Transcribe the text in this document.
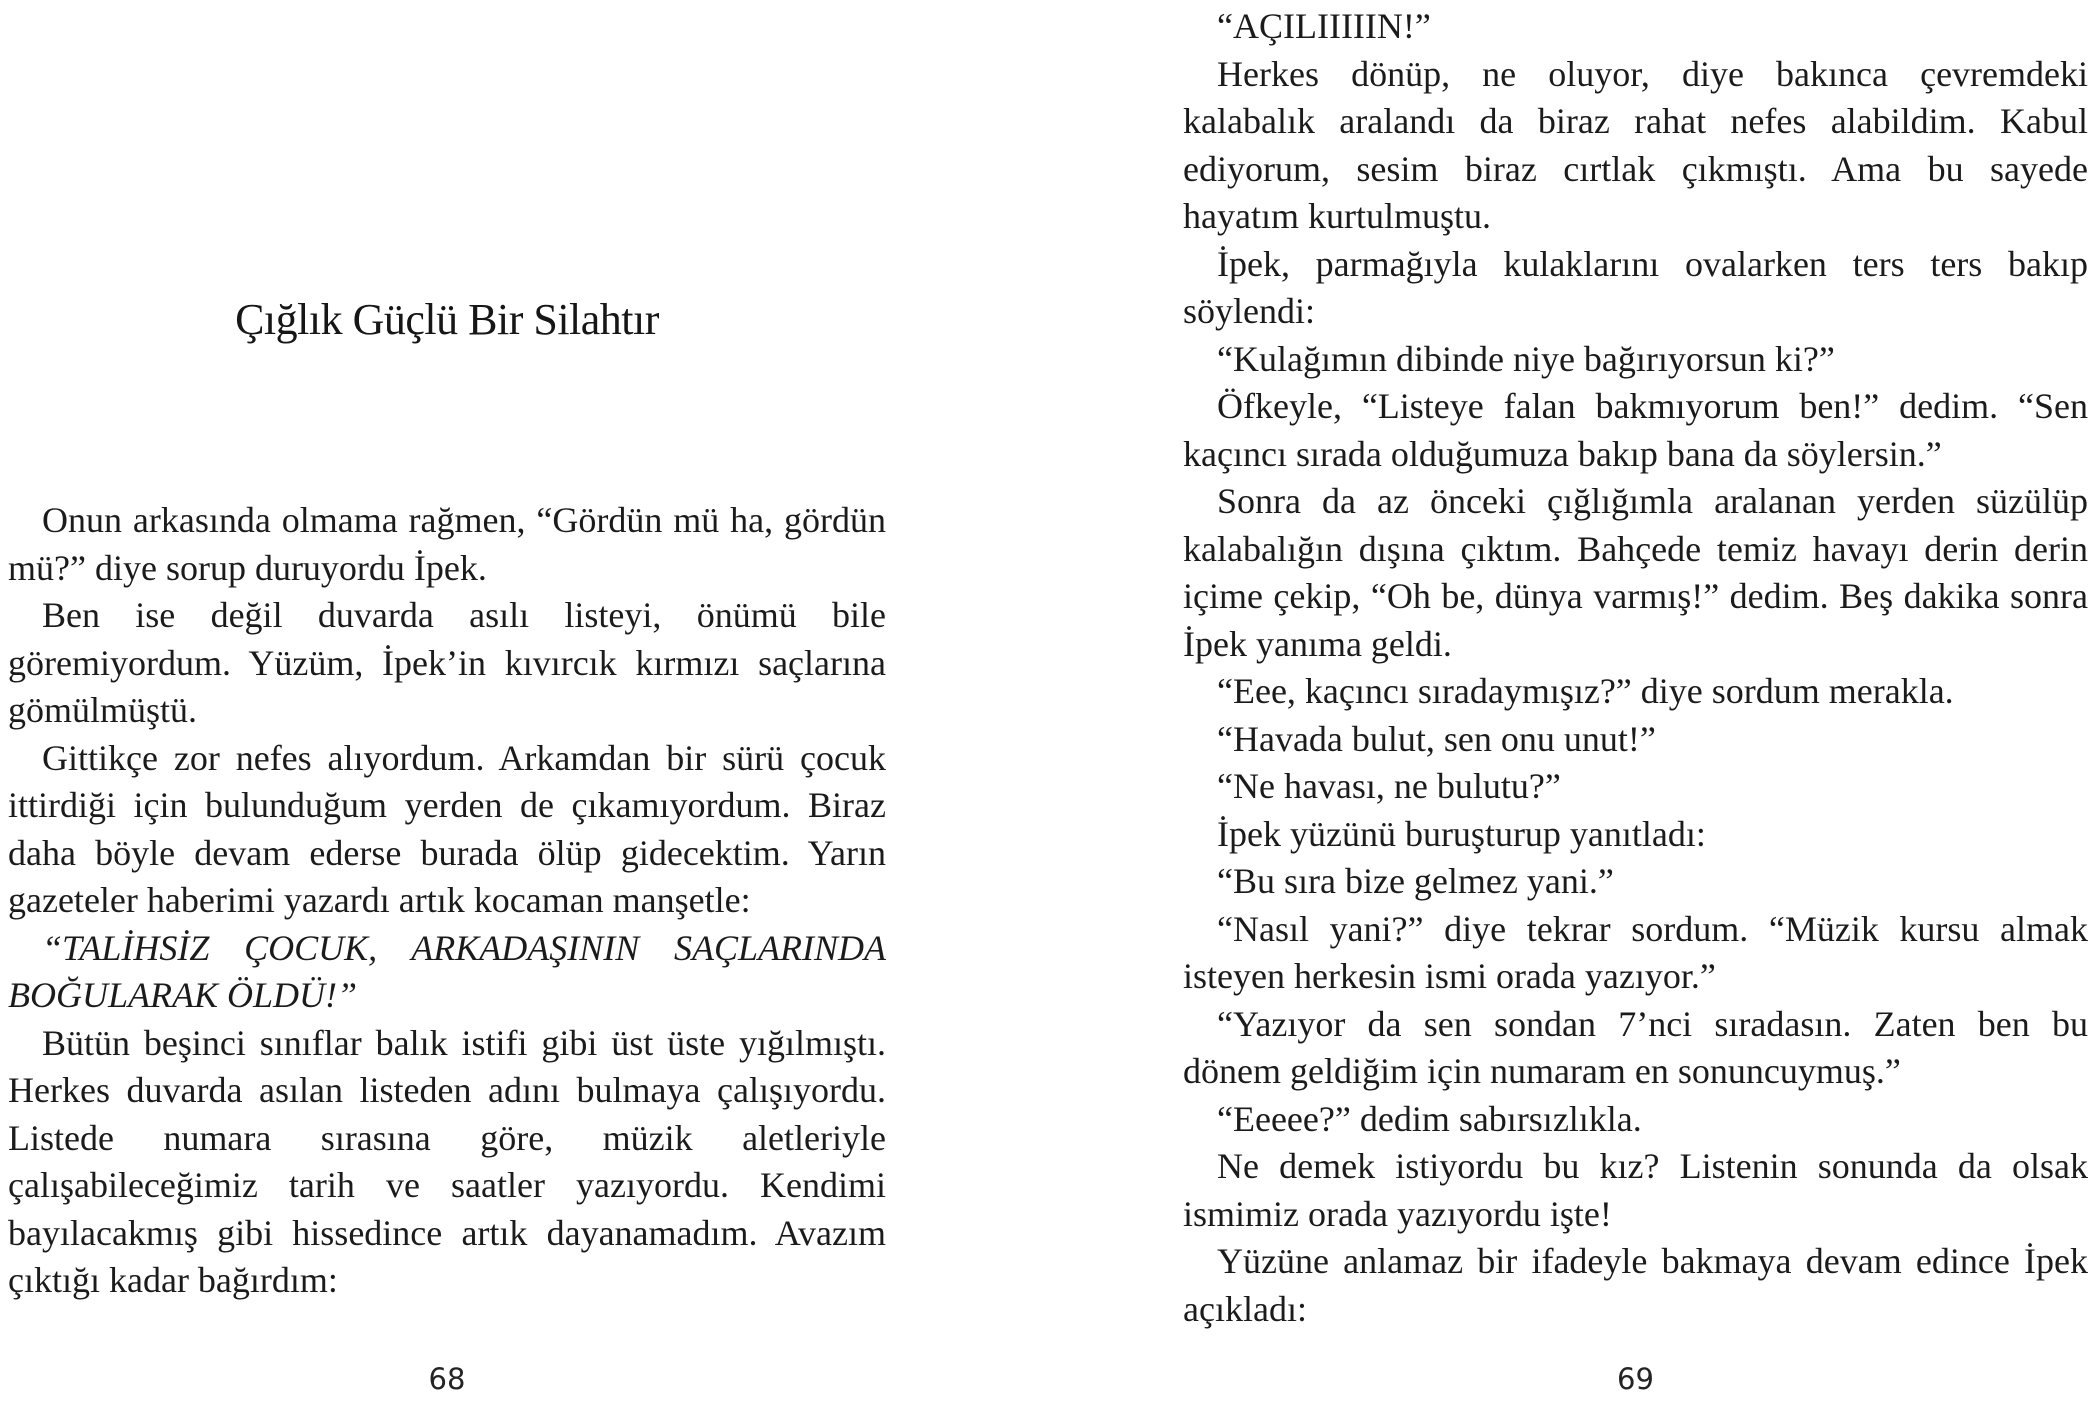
Çığlık Güçlü Bir Silahtır

Onun arkasında olmama rağmen, “Gördün mü ha, gördün mü?” diye sorup duruyordu İpek.

Ben ise değil duvarda asılı listeyi, önümü bile göremiyordum. Yüzüm, İpek’in kıvırcık kırmızı saçlarına gömülmüştü.

Gittikçe zor nefes alıyordum. Arkamdan bir sürü çocuk ittirdiği için bulunduğum yerden de çıkamıyordum. Biraz daha böyle devam ederse burada ölüp gidecektim. Yarın gazeteler haberimi yazardı artık kocaman manşetle:

“TALİHSİZ ÇOCUK, ARKADAŞININ SAÇLARINDA BOĞULARAK ÖLDÜ!”

Bütün beşinci sınıflar balık istifi gibi üst üste yığılmıştı. Herkes duvarda asılan listeden adını bulmaya çalışıyordu. Listede numara sırasına göre, müzik aletleriyle çalışabileceğimiz tarih ve saatler yazıyordu. Kendimi bayılacakmış gibi hissedince artık dayanamadım. Avazım çıktığı kadar bağırdım:

68

“AÇILIIIIIN!”

Herkes dönüp, ne oluyor, diye bakınca çevremdeki kalabalık aralandı da biraz rahat nefes alabildim. Kabul ediyorum, sesim biraz cırtlak çıkmıştı. Ama bu sayede hayatım kurtulmuştu.

İpek, parmağıyla kulaklarını ovalarken ters ters bakıp söylendi:

“Kulağımın dibinde niye bağırıyorsun ki?”

Öfkeyle, “Listeye falan bakmıyorum ben!” dedim. “Sen kaçıncı sırada olduğumuza bakıp bana da söylersin.”

Sonra da az önceki çığlığımla aralanan yerden süzülüp kalabalığın dışına çıktım. Bahçede temiz havayı derin derin içime çekip, “Oh be, dünya varmış!” dedim. Beş dakika sonra İpek yanıma geldi.

“Eee, kaçıncı sıradaymışız?” diye sordum merakla.

“Havada bulut, sen onu unut!”

“Ne havası, ne bulutu?”

İpek yüzünü buruşturup yanıtladı:

“Bu sıra bize gelmez yani.”

“Nasıl yani?” diye tekrar sordum. “Müzik kursu almak isteyen herkesin ismi orada yazıyor.”

“Yazıyor da sen sondan 7’nci sıradasın. Zaten ben bu dönem geldiğim için numaram en sonuncuymuş.”

“Eeeee?” dedim sabırsızlıkla.

Ne demek istiyordu bu kız? Listenin sonunda da olsak ismimiz orada yazıyordu işte!

Yüzüne anlamaz bir ifadeyle bakmaya devam edince İpek açıkladı:

69
